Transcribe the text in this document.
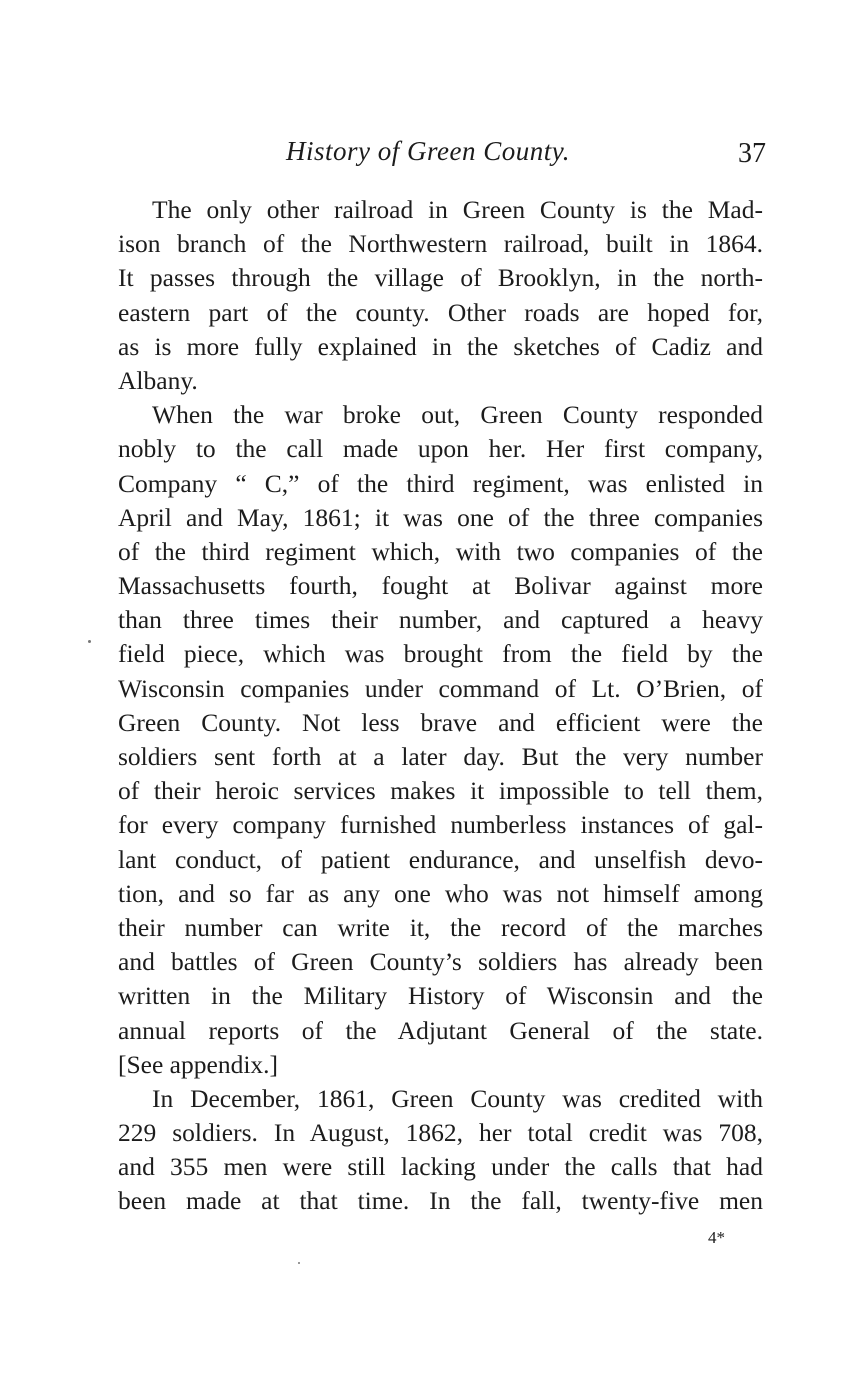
History of Green County.	37
The only other railroad in Green County is the Mad-
ison branch of the Northwestern railroad, built in 1864.
It passes through the village of Brooklyn, in the north-
eastern part of the county. Other roads are hoped for,
as is more fully explained in the sketches of Cadiz and
Albany.
When the war broke out, Green County responded
nobly to the call made upon her. Her first company,
Company “ C,” of the third regiment, was enlisted in
April and May, 1861; it was one of the three companies
of the third regiment which, with two companies of the
Massachusetts fourth, fought at Bolivar against more
than three times their number, and captured a heavy
field piece, which was brought from the field by the
Wisconsin companies under command of Lt. O’Brien, of
Green County. Not less brave and efficient were the
soldiers sent forth at a later day. But the very number
of their heroic services makes it impossible to tell them,
for every company furnished numberless instances of gal-
lant conduct, of patient endurance, and unselfish devo-
tion, and so far as any one who was not himself among
their number can write it, the record of the marches
and battles of Green County’s soldiers has already been
written in the Military History of Wisconsin and the
annual reports of the Adjutant General of the state.
[See appendix.]
In December, 1861, Green County was credited with
229 soldiers. In August, 1862, her total credit was 708,
and 355 men were still lacking under the calls that had
been made at that time. In the fall, twenty-five men
4*
